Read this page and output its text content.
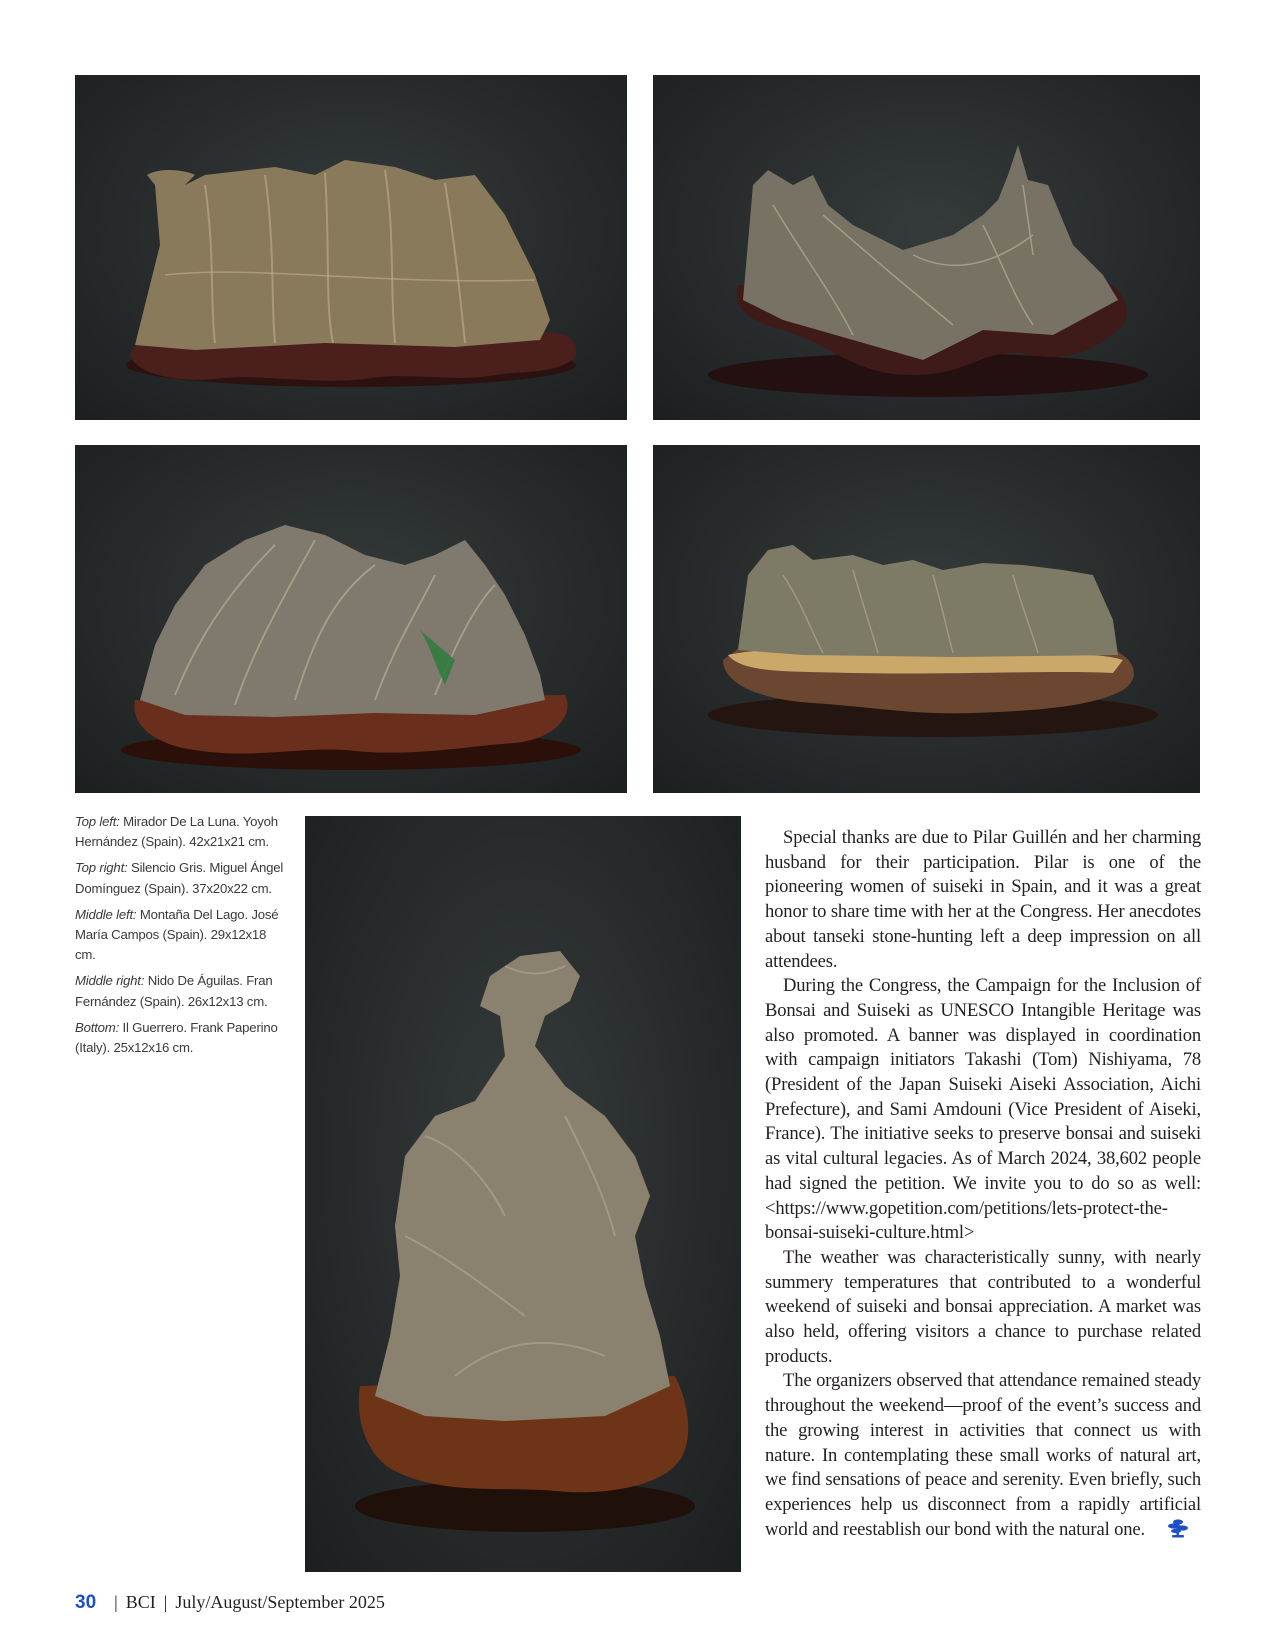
Top left: Mirador De La Luna. Yoyoh Hernández (Spain). 42x21x21 cm.
Top right: Silencio Gris. Miguel Ángel Domínguez (Spain). 37x20x22 cm.
Middle left: Montaña Del Lago. José María Campos (Spain). 29x12x18 cm.
Middle right: Nido De Águilas. Fran Fernández (Spain). 26x12x13 cm.
Bottom: Il Guerrero. Frank Paperino (Italy). 25x12x16 cm.

Special thanks are due to Pilar Guillén and her charming husband for their participation. Pilar is one of the pioneering women of suiseki in Spain, and it was a great honor to share time with her at the Congress. Her anecdotes about tanseki stone-hunting left a deep impression on all attendees.

During the Congress, the Campaign for the Inclusion of Bonsai and Suiseki as UNESCO Intangible Heritage was also promoted. A banner was displayed in coordination with campaign initiators Takashi (Tom) Nishiyama, 78 (President of the Japan Suiseki Aiseki Association, Aichi Prefecture), and Sami Amdouni (Vice President of Aiseki, France). The initiative seeks to preserve bonsai and suiseki as vital cultural legacies. As of March 2024, 38,602 people had signed the petition. We invite you to do so as well: <https://www.gopetition.com/petitions/lets-protect-the-bonsai-suiseki-culture.html>

The weather was characteristically sunny, with nearly summery temperatures that contributed to a wonderful weekend of suiseki and bonsai appreciation. A market was also held, offering visitors a chance to purchase related products.

The organizers observed that attendance remained steady throughout the weekend—proof of the event’s success and the growing interest in activities that connect us with nature. In contemplating these small works of natural art, we find sensations of peace and serenity. Even briefly, such experiences help us disconnect from a rapidly artificial world and reestablish our bond with the natural one.

30 | BCI | July/August/September 2025
